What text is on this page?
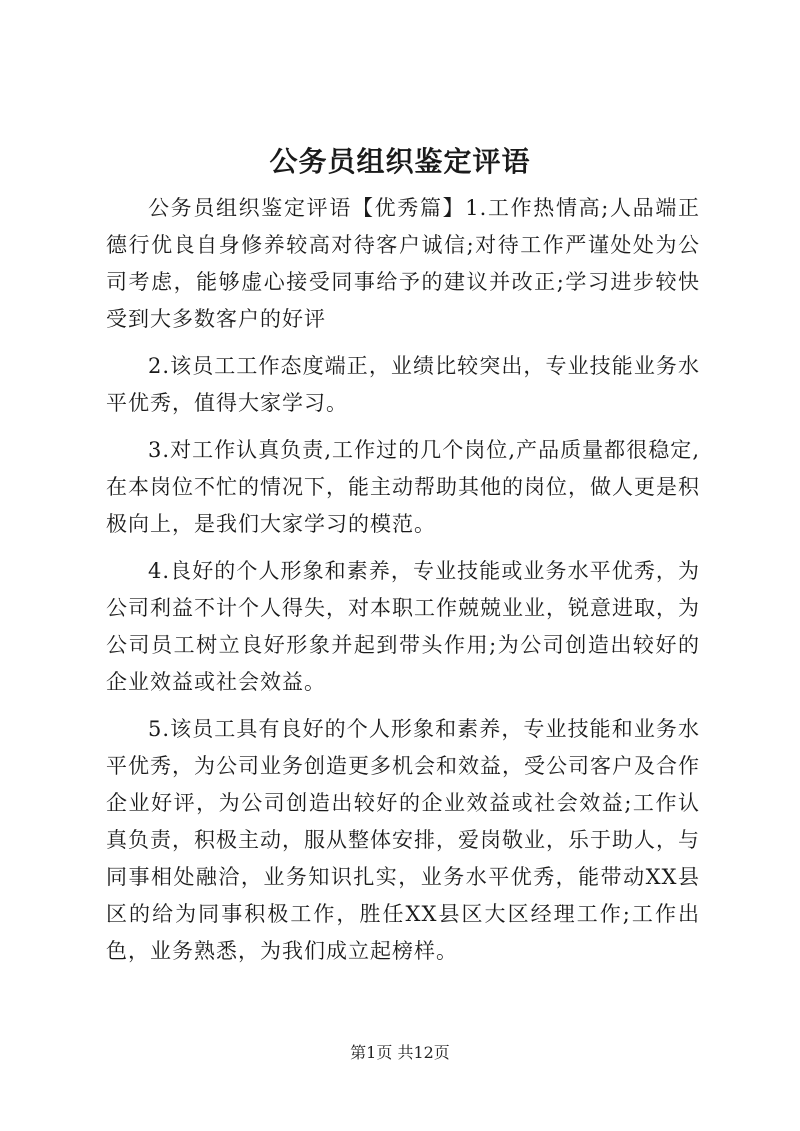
公务员组织鉴定评语

公务员组织鉴定评语【优秀篇】1.工作热情高;人品端正德行优良自身修养较高对待客户诚信;对待工作严谨处处为公司考虑，能够虚心接受同事给予的建议并改正;学习进步较快受到大多数客户的好评

2.该员工工作态度端正，业绩比较突出，专业技能业务水平优秀，值得大家学习。

3.对工作认真负责,工作过的几个岗位,产品质量都很稳定,在本岗位不忙的情况下，能主动帮助其他的岗位，做人更是积极向上，是我们大家学习的模范。

4.良好的个人形象和素养，专业技能或业务水平优秀，为公司利益不计个人得失，对本职工作兢兢业业，锐意进取，为公司员工树立良好形象并起到带头作用;为公司创造出较好的企业效益或社会效益。

5.该员工具有良好的个人形象和素养，专业技能和业务水平优秀，为公司业务创造更多机会和效益，受公司客户及合作企业好评，为公司创造出较好的企业效益或社会效益;工作认真负责，积极主动，服从整体安排，爱岗敬业，乐于助人，与同事相处融洽，业务知识扎实，业务水平优秀，能带动XX县区的给为同事积极工作，胜任XX县区大区经理工作;工作出色，业务熟悉，为我们成立起榜样。

第1页 共12页
